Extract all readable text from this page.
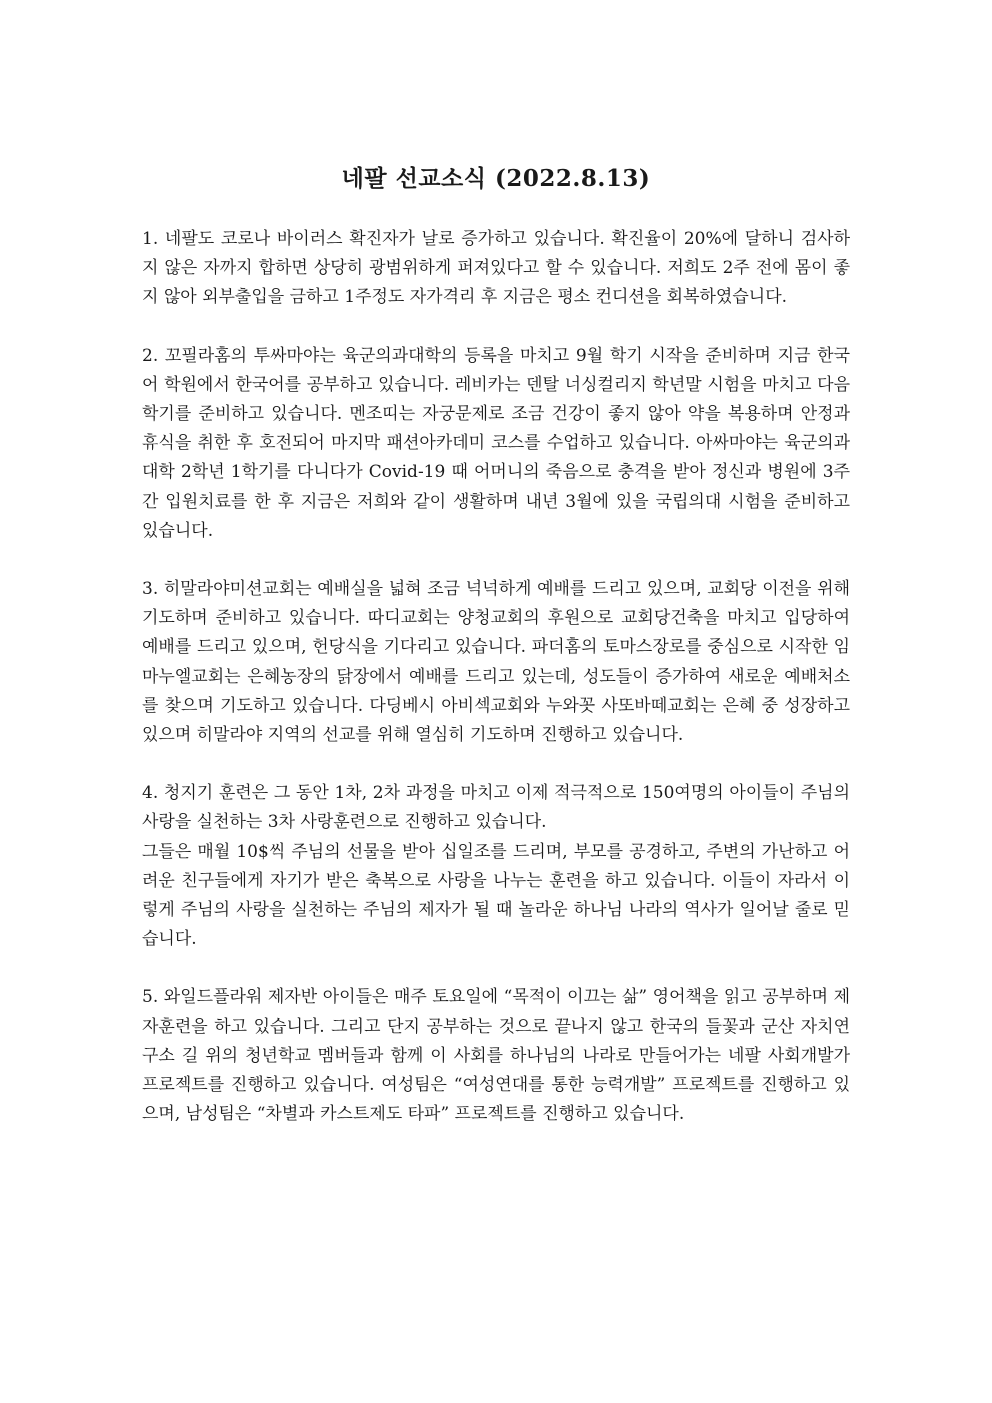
네팔 선교소식 (2022.8.13)

1. 네팔도 코로나 바이러스 확진자가 날로 증가하고 있습니다. 확진율이 20%에 달하니 검사하지 않은 자까지 합하면 상당히 광범위하게 퍼져있다고 할 수 있습니다. 저희도 2주 전에 몸이 좋지 않아 외부출입을 금하고 1주정도 자가격리 후 지금은 평소 컨디션을 회복하였습니다.

2. 꼬필라홈의 투싸마야는 육군의과대학의 등록을 마치고 9월 학기 시작을 준비하며 지금 한국어 학원에서 한국어를 공부하고 있습니다. 레비카는 덴탈 너싱컬리지 학년말 시험을 마치고 다음 학기를 준비하고 있습니다. 멘조띠는 자궁문제로 조금 건강이 좋지 않아 약을 복용하며 안정과 휴식을 취한 후 호전되어 마지막 패션아카데미 코스를 수업하고 있습니다. 아싸마야는 육군의과대학 2학년 1학기를 다니다가 Covid-19 때 어머니의 죽음으로 충격을 받아 정신과 병원에 3주간 입원치료를 한 후 지금은 저희와 같이 생활하며 내년 3월에 있을 국립의대 시험을 준비하고 있습니다.

3. 히말라야미션교회는 예배실을 넓혀 조금 넉넉하게 예배를 드리고 있으며, 교회당 이전을 위해 기도하며 준비하고 있습니다. 따디교회는 양청교회의 후원으로 교회당건축을 마치고 입당하여 예배를 드리고 있으며, 헌당식을 기다리고 있습니다. 파더홈의 토마스장로를 중심으로 시작한 임마누엘교회는 은혜농장의 닭장에서 예배를 드리고 있는데, 성도들이 증가하여 새로운 예배처소를 찾으며 기도하고 있습니다. 다딩베시 아비섹교회와 누와꼿 사또바떼교회는 은혜 중 성장하고 있으며 히말라야 지역의 선교를 위해 열심히 기도하며 진행하고 있습니다.

4. 청지기 훈련은 그 동안 1차, 2차 과정을 마치고 이제 적극적으로 150여명의 아이들이 주님의 사랑을 실천하는 3차 사랑훈련으로 진행하고 있습니다.

그들은 매월 10$씩 주님의 선물을 받아 십일조를 드리며, 부모를 공경하고, 주변의 가난하고 어려운 친구들에게 자기가 받은 축복으로 사랑을 나누는 훈련을 하고 있습니다. 이들이 자라서 이렇게 주님의 사랑을 실천하는 주님의 제자가 될 때 놀라운 하나님 나라의 역사가 일어날 줄로 믿습니다.

5. 와일드플라워 제자반 아이들은 매주 토요일에 “목적이 이끄는 삶” 영어책을 읽고 공부하며 제자훈련을 하고 있습니다. 그리고 단지 공부하는 것으로 끝나지 않고 한국의 들꽃과 군산 자치연구소 길 위의 청년학교 멤버들과 함께 이 사회를 하나님의 나라로 만들어가는 네팔 사회개발가 프로젝트를 진행하고 있습니다. 여성팀은 “여성연대를 통한 능력개발” 프로젝트를 진행하고 있으며, 남성팀은 “차별과 카스트제도 타파” 프로젝트를 진행하고 있습니다.
